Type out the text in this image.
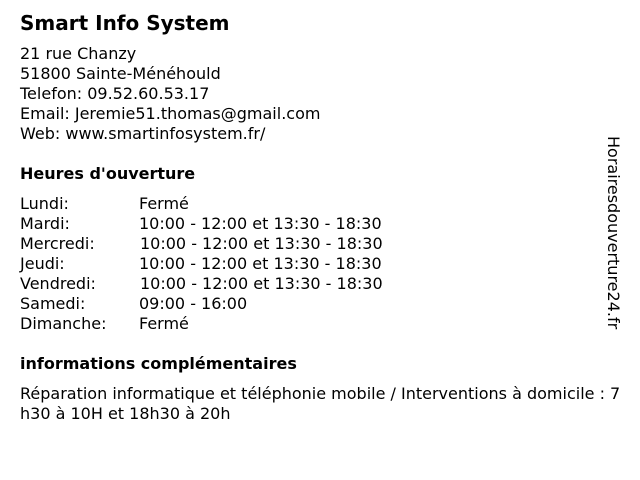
Smart Info System
21 rue Chanzy
51800 Sainte-Ménéhould
Telefon: 09.52.60.53.17
Email: Jeremie51.thomas@gmail.com
Web: www.smartinfosystem.fr/
Heures d'ouverture
Lundi:	Fermé
Mardi:	10:00 - 12:00 et 13:30 - 18:30
Mercredi:	10:00 - 12:00 et 13:30 - 18:30
Jeudi:	10:00 - 12:00 et 13:30 - 18:30
Vendredi:	10:00 - 12:00 et 13:30 - 18:30
Samedi:	09:00 - 16:00
Dimanche: Fermé
informations complémentaires
Réparation informatique et téléphonie mobile / Interventions à domicile : 7h30 à 10H et 18h30 à 20h
Horairesdouverture24.fr
